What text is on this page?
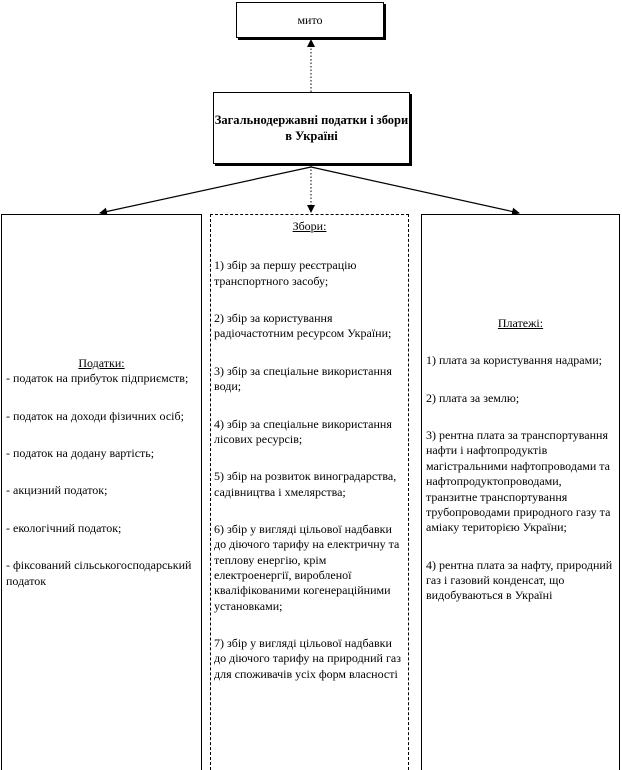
мито
Загальнодержавні податки і збори
в Україні

Податки:

- податок на прибуток підприємств;

- податок на доходи фізичних осіб;

- податок на додану вартість;

- акцизний податок;

- екологічний податок;

- фіксований сільськогосподарський податок

Збори:

1) збір за першу реєстрацію транспортного засобу;

2) збір за користування радіочастотним ресурсом України;

3) збір за спеціальне використання води;

4) збір за спеціальне використання лісових ресурсів;

5) збір на розвиток виноградарства, садівництва і хмелярства;

6) збір у вигляді цільової надбавки до діючого тарифу на електричну та теплову енергію, крім електроенергії, виробленої кваліфікованими когенераційними установками;

7) збір у вигляді цільової надбавки до діючого тарифу на природний газ для споживачів усіх форм власності

Платежі:

1) плата за користування надрами;

2) плата за землю;

3) рентна плата за транспортування нафти і нафтопродуктів магістральними нафтопроводами та нафтопродуктопроводами, транзитне транспортування трубопроводами природного газу та аміаку територією України;

4) рентна плата за нафту, природний газ і газовий конденсат, що видобуваються в Україні
